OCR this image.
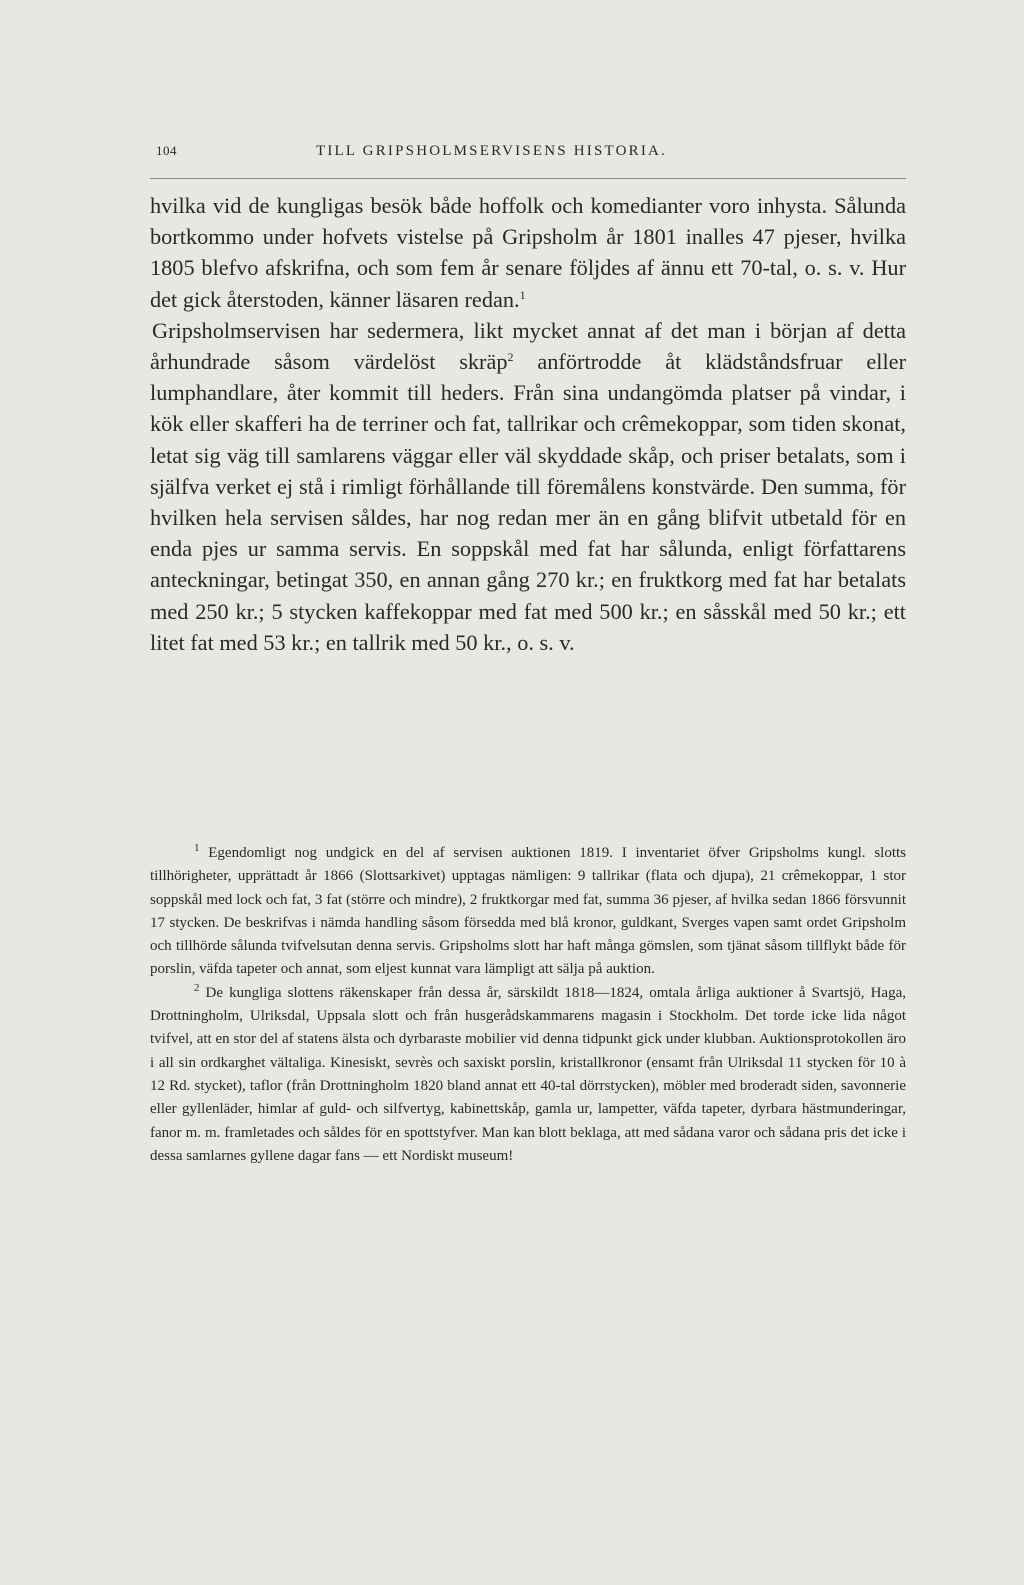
104	TILL GRIPSHOLMSERVISENS HISTORIA.

hvilka vid de kungligas besök både hoffolk och komedianter voro inhysta. Sålunda bortkommo under hofvets vistelse på Gripsholm år 1801 inalles 47 pjeser, hvilka 1805 blefvo afskrifna, och som fem år senare följdes af ännu ett 70-tal, o. s. v. Hur det gick återstoden, känner läsaren redan.$^1$

Gripsholmservisen har sedermera, likt mycket annat af det man i början af detta århundrade såsom värdelöst skräp$^2$ anförtrodde åt klädståndsfruar eller lumphandlare, åter kommit till heders. Från sina undangömda platser på vindar, i kök eller skafferi ha de terriner och fat, tallrikar och crêmekoppar, som tiden skonat, letat sig väg till samlarens väggar eller väl skyddade skåp, och priser betalats, som i själfva verket ej stå i rimligt förhållande till föremålens konstvärde. Den summa, för hvilken hela servisen såldes, har nog redan mer än en gång blifvit utbetald för en enda pjes ur samma servis. En soppskål med fat har sålunda, enligt författarens anteckningar, betingat 350, en annan gång 270 kr.; en fruktkorg med fat har betalats med 250 kr.; 5 stycken kaffekoppar med fat med 500 kr.; en såsskål med 50 kr.; ett litet fat med 53 kr.; en tallrik med 50 kr., o. s. v.

$^1$ Egendomligt nog undgick en del af servisen auktionen 1819. I inventariet öfver Gripsholms kungl. slotts tillhörigheter, upprättadt år 1866 (Slottsarkivet) upptagas nämligen: 9 tallrikar (flata och djupa), 21 crêmekoppar, 1 stor soppskål med lock och fat, 3 fat (större och mindre), 2 fruktkorgar med fat, summa 36 pjeser, af hvilka sedan 1866 försvunnit 17 stycken. De beskrifvas i nämda handling såsom försedda med blå kronor, guldkant, Sverges vapen samt ordet Gripsholm och tillhörde sålunda tvifvelsutan denna servis. Gripsholms slott har haft många gömslen, som tjänat såsom tillflykt både för porslin, väfda tapeter och annat, som eljest kunnat vara lämpligt att sälja på auktion.

$^2$ De kungliga slottens räkenskaper från dessa år, särskildt 1818—1824, omtala årliga auktioner å Svartsjö, Haga, Drottningholm, Ulriksdal, Uppsala slott och från husgerådskammarens magasin i Stockholm. Det torde icke lida något tvifvel, att en stor del af statens älsta och dyrbaraste mobilier vid denna tidpunkt gick under klubban. Auktionsprotokollen äro i all sin ordkarghet vältaliga. Kinesiskt, sevrès och saxiskt porslin, kristallkronor (ensamt från Ulriksdal 11 stycken för 10 à 12 Rd. stycket), taflor (från Drottningholm 1820 bland annat ett 40-tal dörrstycken), möbler med broderadt siden, savonnerie eller gyllenläder, himlar af guld- och silfvertyg, kabinettskåp, gamla ur, lampetter, väfda tapeter, dyrbara hästmunderingar, fanor m. m. framletades och såldes för en spottstyfver. Man kan blott beklaga, att med sådana varor och sådana pris det icke i dessa samlarnes gyllene dagar fans — ett Nordiskt museum!
